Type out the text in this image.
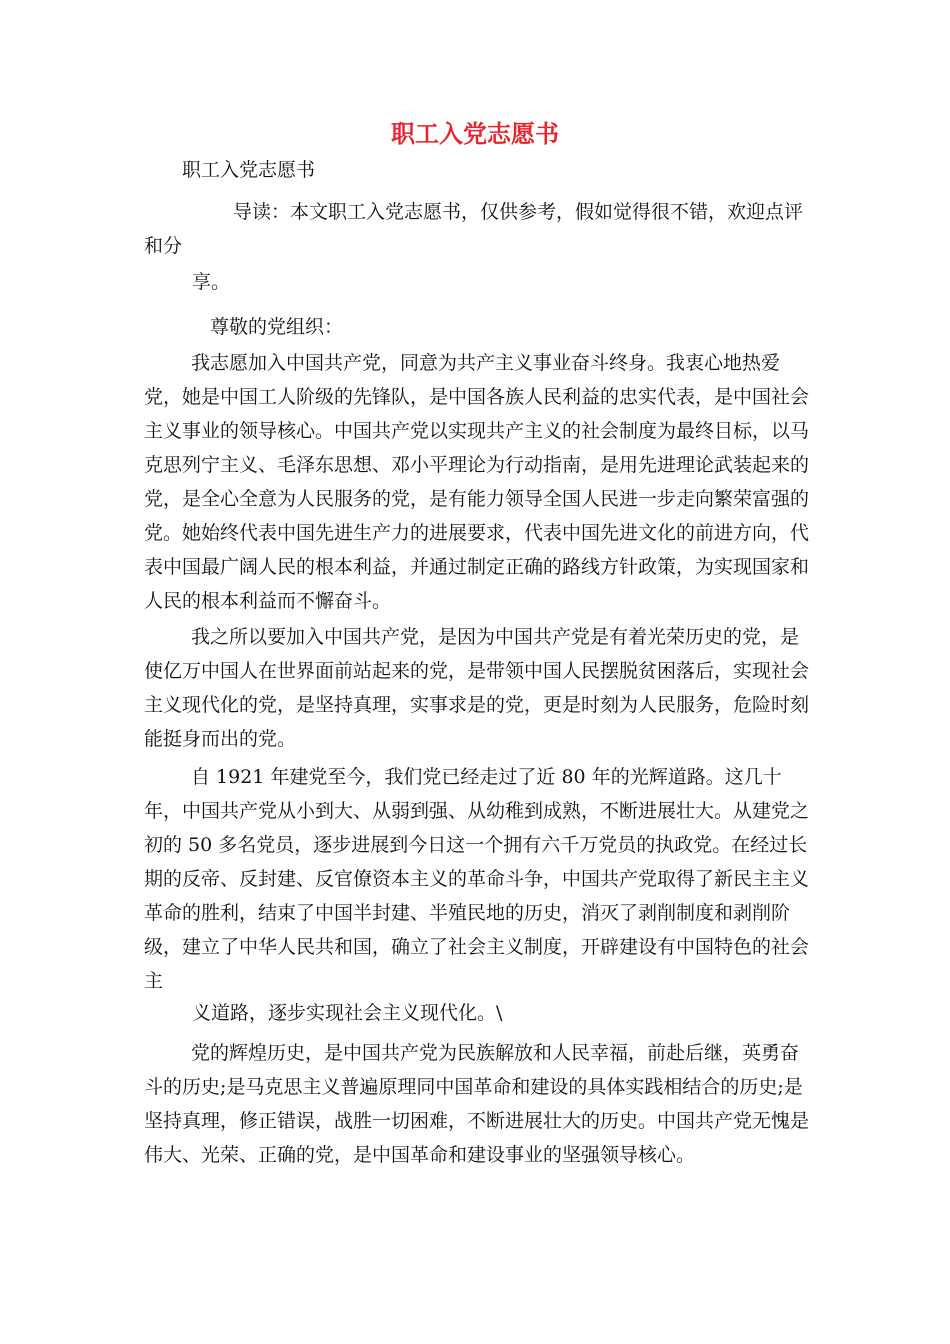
职工入党志愿书

职工入党志愿书

导读：本文职工入党志愿书，仅供参考，假如觉得很不错，欢迎点评和分

享。

尊敬的党组织：

我志愿加入中国共产党，同意为共产主义事业奋斗终身。我衷心地热爱党，她是中国工人阶级的先锋队，是中国各族人民利益的忠实代表，是中国社会主义事业的领导核心。中国共产党以实现共产主义的社会制度为最终目标，以马克思列宁主义、毛泽东思想、邓小平理论为行动指南，是用先进理论武装起来的党，是全心全意为人民服务的党，是有能力领导全国人民进一步走向繁荣富强的党。她始终代表中国先进生产力的进展要求，代表中国先进文化的前进方向，代表中国最广阔人民的根本利益，并通过制定正确的路线方针政策，为实现国家和人民的根本利益而不懈奋斗。

我之所以要加入中国共产党，是因为中国共产党是有着光荣历史的党，是使亿万中国人在世界面前站起来的党，是带领中国人民摆脱贫困落后，实现社会主义现代化的党，是坚持真理，实事求是的党，更是时刻为人民服务，危险时刻能挺身而出的党。

自 1921 年建党至今，我们党已经走过了近 80 年的光辉道路。这几十年，中国共产党从小到大、从弱到强、从幼稚到成熟，不断进展壮大。从建党之初的 50 多名党员，逐步进展到今日这一个拥有六千万党员的执政党。在经过长期的反帝、反封建、反官僚资本主义的革命斗争，中国共产党取得了新民主主义革命的胜利，结束了中国半封建、半殖民地的历史，消灭了剥削制度和剥削阶级，建立了中华人民共和国，确立了社会主义制度，开辟建设有中国特色的社会主

义道路，逐步实现社会主义现代化。\

党的辉煌历史，是中国共产党为民族解放和人民幸福，前赴后继，英勇奋斗的历史;是马克思主义普遍原理同中国革命和建设的具体实践相结合的历史;是坚持真理，修正错误，战胜一切困难，不断进展壮大的历史。中国共产党无愧是伟大、光荣、正确的党，是中国革命和建设事业的坚强领导核心。
